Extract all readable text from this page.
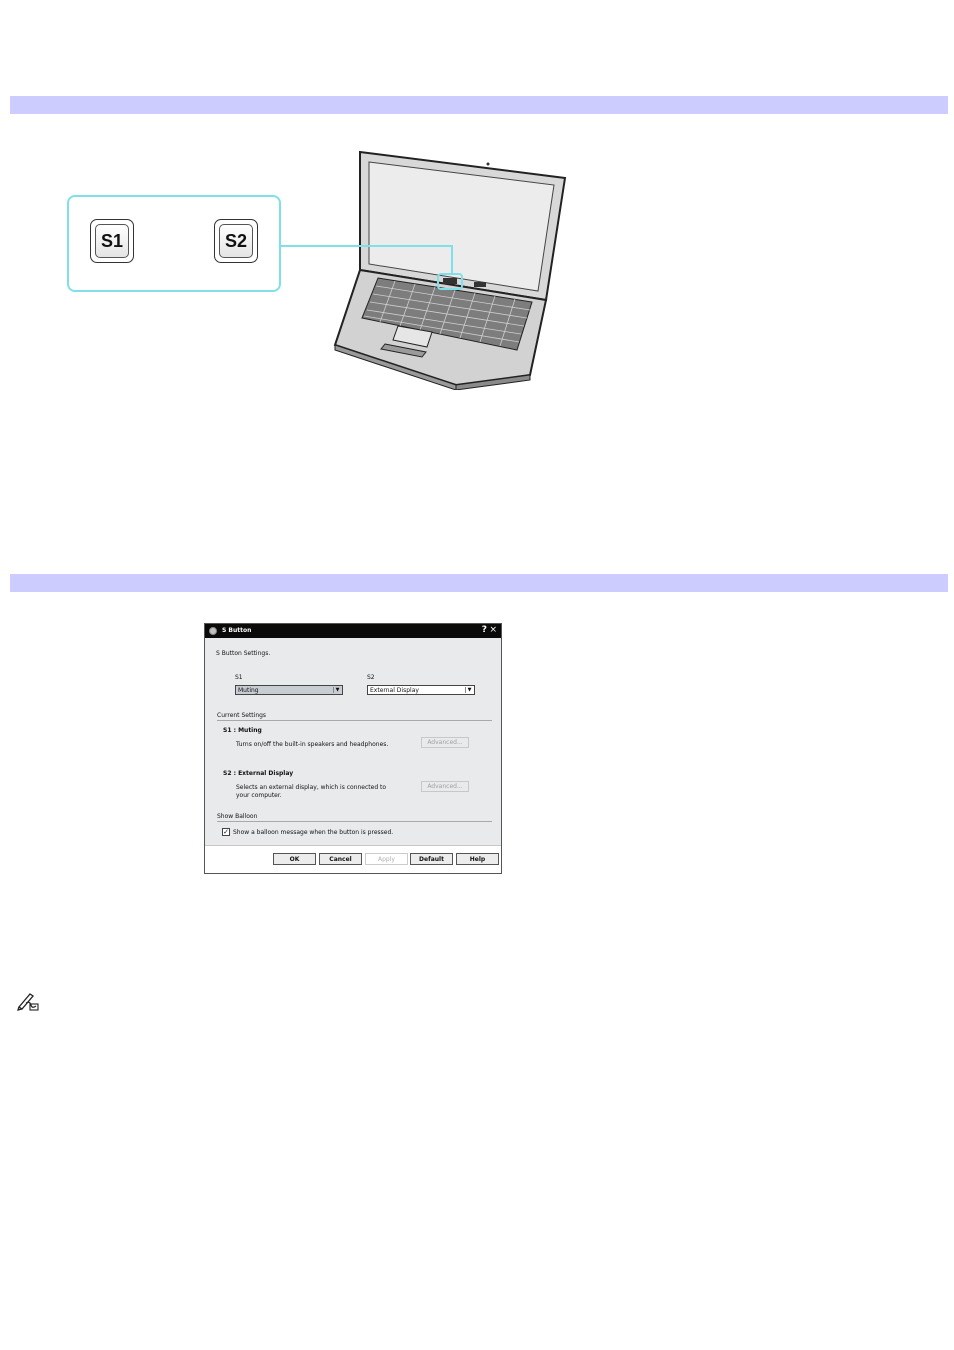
S1	S2
S Button	? ×
S Button Settings.
S1
Muting	▼
S2
External Display	▼
Current Settings
S1 : Muting
Turns on/off the built-in speakers and headphones.	Advanced...
S2 : External Display
Selects an external display, which is connected to
your computer.
Advanced...
Show Balloon
✓ Show a balloon message when the button is pressed.
OK	Cancel	Apply	Default	Help
